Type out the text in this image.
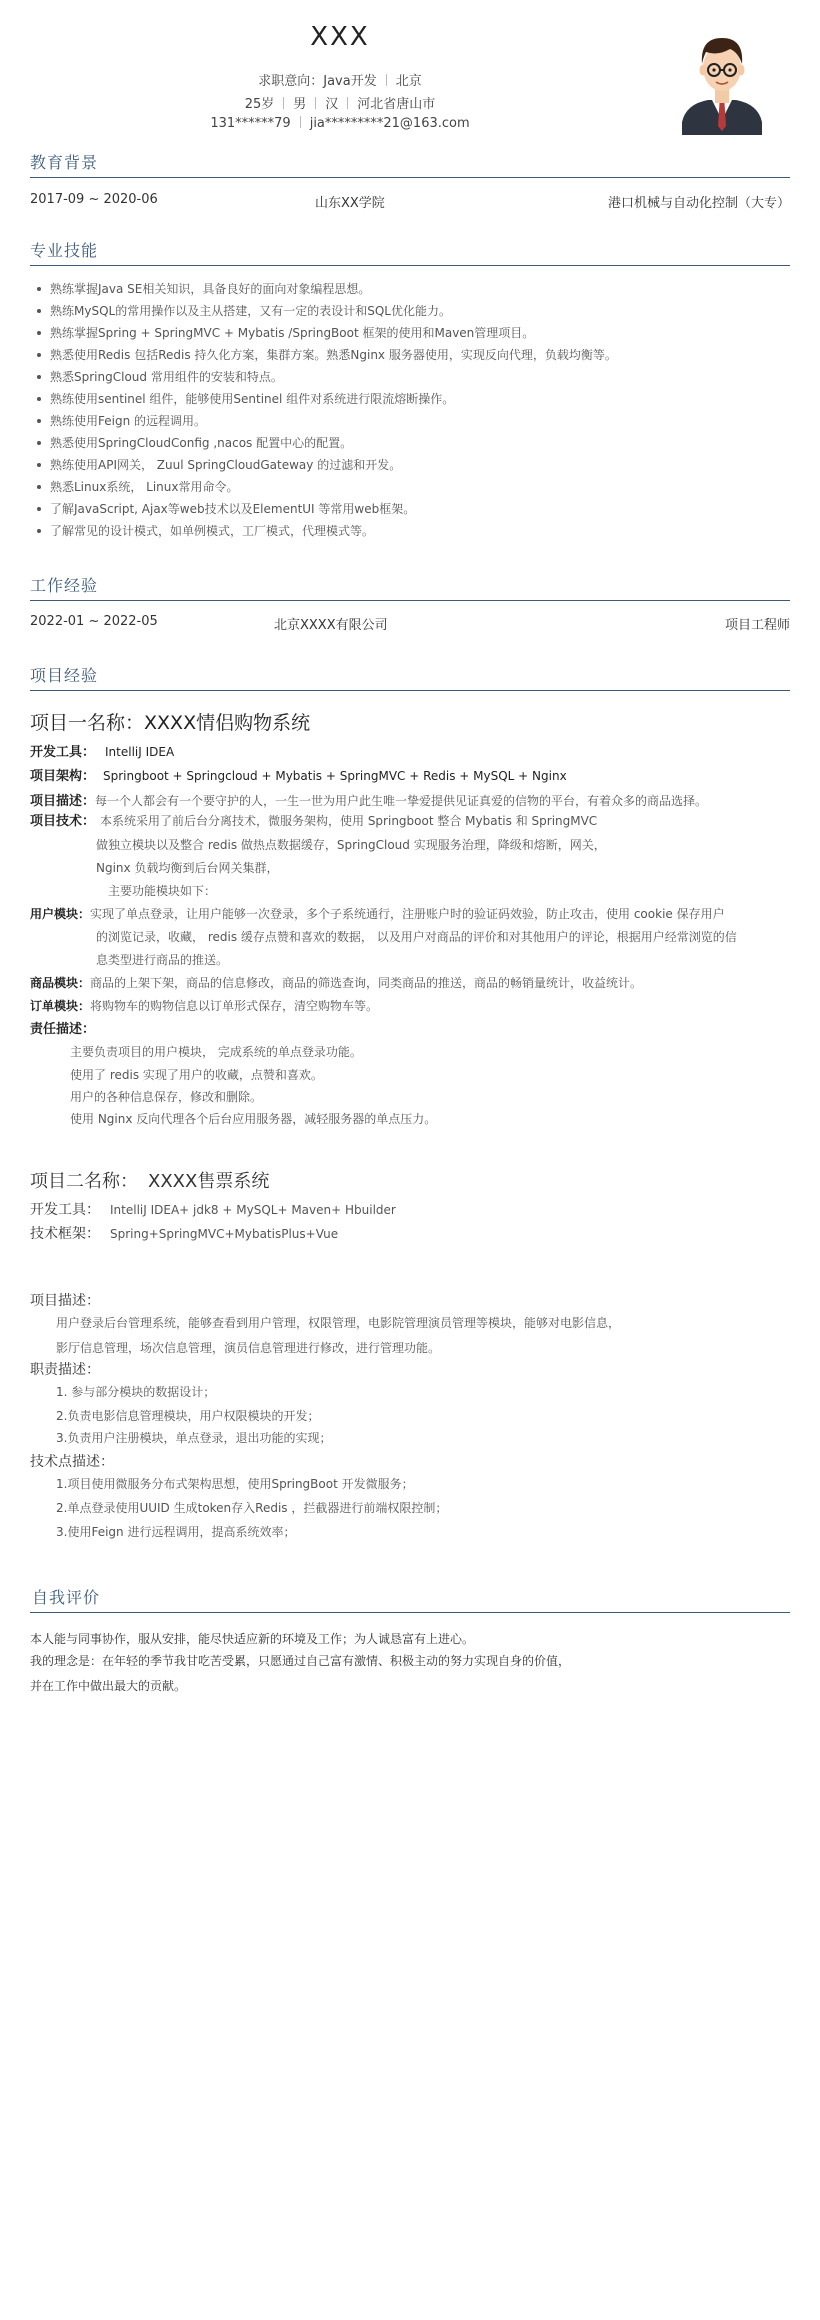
XXX
求职意向：Java开发 北京
25岁 男 汉 河北省唐山市
131******79 jia*********21@163.com
教育背景
2017-09 ~ 2020-06	山东XX学院	港口机械与自动化控制（大专）
专业技能
熟练掌握Java SE相关知识，具备良好的面向对象编程思想。
熟练MySQL的常用操作以及主从搭建，又有一定的表设计和SQL优化能力。
熟练掌握Spring + SpringMVC + Mybatis /SpringBoot 框架的使用和Maven管理项目。
熟悉使用Redis 包括Redis 持久化方案，集群方案。熟悉Nginx 服务器使用，实现反向代理，负载均衡等。
熟悉SpringCloud 常用组件的安装和特点。
熟练使用sentinel 组件，能够使用Sentinel 组件对系统进行限流熔断操作。
熟练使用Feign 的远程调用。
熟悉使用SpringCloudConfig ,nacos 配置中心的配置。
熟练使用API网关， Zuul SpringCloudGateway 的过滤和开发。
熟悉Linux系统， Linux常用命令。
了解JavaScript, Ajax等web技术以及ElementUI 等常用web框架。
了解常见的设计模式，如单例模式，工厂模式，代理模式等。
工作经验
2022-01 ~ 2022-05	北京XXXX有限公司	项目工程师
项目经验
项目一名称：XXXX情侣购物系统
开发工具： IntelliJ IDEA
项目架构： Springboot + Springcloud + Mybatis + SpringMVC + Redis + MySQL + Nginx
项目描述：每一个人都会有一个要守护的人，一生一世为用户此生唯一挚爱提供见证真爱的信物的平台，有着众多的商品选择。
项目技术： 本系统采用了前后台分离技术，微服务架构，使用 Springboot 整合 Mybatis 和 SpringMVC
做独立模块以及整合 redis 做热点数据缓存，SpringCloud 实现服务治理，降级和熔断，网关，
Nginx 负载均衡到后台网关集群，
主要功能模块如下：
用户模块：实现了单点登录，让用户能够一次登录，多个子系统通行，注册账户时的验证码效验，防止攻击，使用 cookie 保存用户
的浏览记录，收藏， redis 缓存点赞和喜欢的数据， 以及用户对商品的评价和对其他用户的评论，根据用户经常浏览的信
息类型进行商品的推送。
商品模块：商品的上架下架，商品的信息修改，商品的筛选查询，同类商品的推送，商品的畅销量统计，收益统计。
订单模块：将购物车的购物信息以订单形式保存，清空购物车等。
责任描述：
主要负责项目的用户模块， 完成系统的单点登录功能。
使用了 redis 实现了用户的收藏，点赞和喜欢。
用户的各种信息保存，修改和删除。
使用 Nginx 反向代理各个后台应用服务器，减轻服务器的单点压力。
项目二名称： XXXX售票系统
开发工具： IntelliJ IDEA+ jdk8 + MySQL+ Maven+ Hbuilder
技术框架： Spring+SpringMVC+MybatisPlus+Vue
项目描述：
用户登录后台管理系统，能够查看到用户管理，权限管理，电影院管理演员管理等模块，能够对电影信息，
影厅信息管理，场次信息管理，演员信息管理进行修改，进行管理功能。
职责描述：
1. 参与部分模块的数据设计；
2.负责电影信息管理模块，用户权限模块的开发；
3.负责用户注册模块，单点登录，退出功能的实现；
技术点描述：
1.项目使用微服务分布式架构思想，使用SpringBoot 开发微服务；
2.单点登录使用UUID 生成token存入Redis ，拦截器进行前端权限控制；
3.使用Feign 进行远程调用，提高系统效率；
自我评价
本人能与同事协作，服从安排，能尽快适应新的环境及工作；为人诚恳富有上进心。
我的理念是：在年轻的季节我甘吃苦受累，只愿通过自己富有激情、积极主动的努力实现自身的价值，
并在工作中做出最大的贡献。
